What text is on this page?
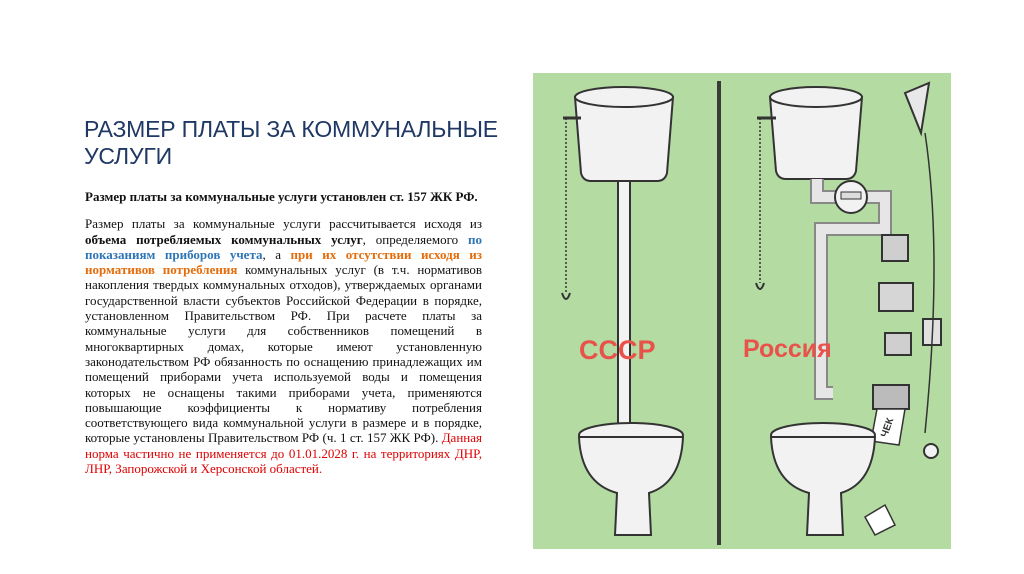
РАЗМЕР ПЛАТЫ ЗА КОММУНАЛЬНЫЕ УСЛУГИ

Размер платы за коммунальные услуги установлен ст. 157 ЖК РФ.

Размер платы за коммунальные услуги рассчитывается исходя из объема потребляемых коммунальных услуг, определяемого по показаниям приборов учета, а при их отсутствии исходя из нормативов потребления коммунальных услуг (в т.ч. нормативов накопления твердых коммунальных отходов), утверждаемых органами государственной власти субъектов Российской Федерации в порядке, установленном Правительством РФ. При расчете платы за коммунальные услуги для собственников помещений в многоквартирных домах, которые имеют установленную законодательством РФ обязанность по оснащению принадлежащих им помещений приборами учета используемой воды и помещения которых не оснащены такими приборами учета, применяются повышающие коэффициенты к нормативу потребления соответствующего вида коммунальной услуги в размере и в порядке, которые установлены Правительством РФ (ч. 1 ст. 157 ЖК РФ). Данная норма частично не применяется до 01.01.2028 г. на территориях ДНР, ЛНР, Запорожской и Херсонской областей.

СССР
ЧЕК
Россия
